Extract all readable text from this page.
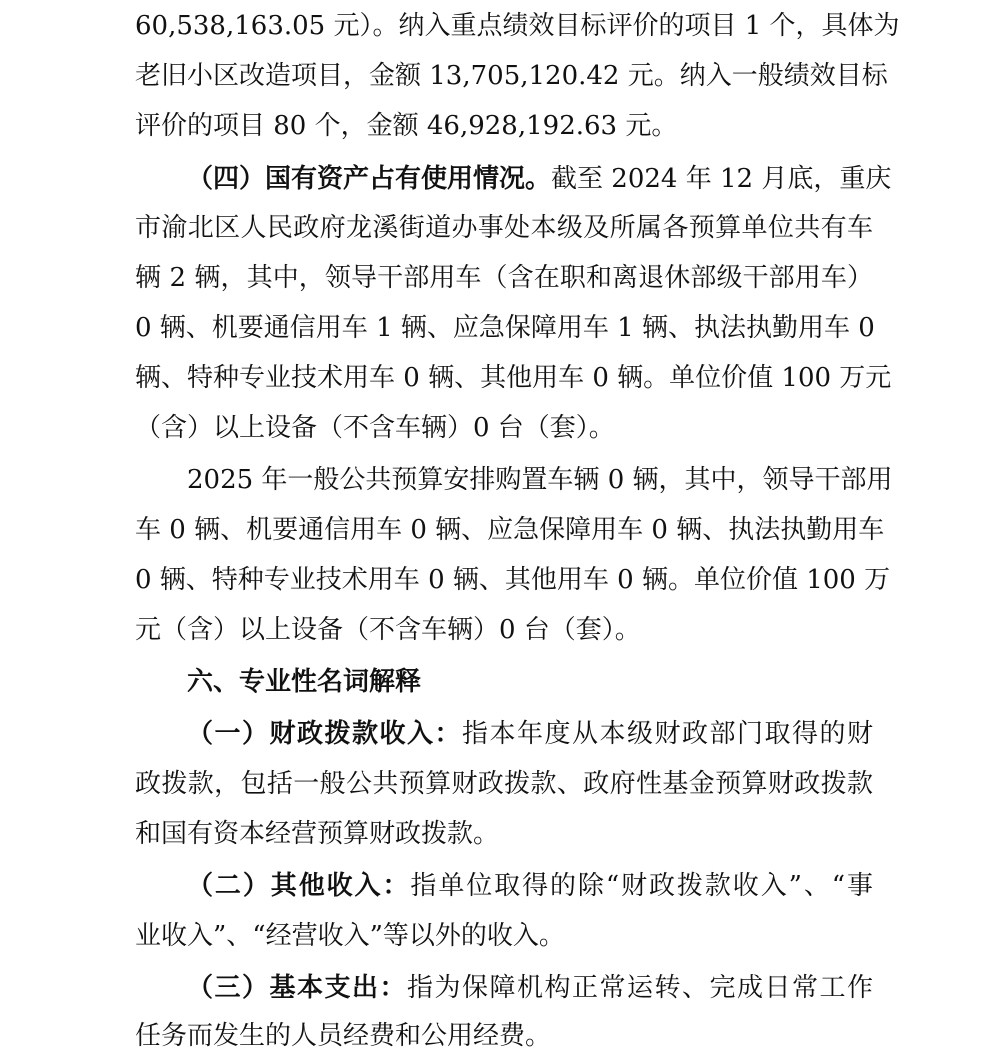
60,538,163.05 元）。纳入重点绩效目标评价的项目 1 个，具体为
老旧小区改造项目，金额 13,705,120.42 元。纳入一般绩效目标
评价的项目 80 个，金额 46,928,192.63 元。
（四）国有资产占有使用情况。截至 2024 年 12 月底，重庆
市渝北区人民政府龙溪街道办事处本级及所属各预算单位共有车
辆 2 辆，其中，领导干部用车（含在职和离退休部级干部用车）
0 辆、机要通信用车 1 辆、应急保障用车 1 辆、执法执勤用车 0
辆、特种专业技术用车 0 辆、其他用车 0 辆。单位价值 100 万元
（含）以上设备（不含车辆）0 台（套）。
2025 年一般公共预算安排购置车辆 0 辆，其中，领导干部用
车 0 辆、机要通信用车 0 辆、应急保障用车 0 辆、执法执勤用车
0 辆、特种专业技术用车 0 辆、其他用车 0 辆。单位价值 100 万
元（含）以上设备（不含车辆）0 台（套）。
六、专业性名词解释
（一）财政拨款收入：指本年度从本级财政部门取得的财
政拨款，包括一般公共预算财政拨款、政府性基金预算财政拨款
和国有资本经营预算财政拨款。
（二）其他收入：指单位取得的除“财政拨款收入”、“事
业收入”、“经营收入”等以外的收入。
（三）基本支出：指为保障机构正常运转、完成日常工作
任务而发生的人员经费和公用经费。
